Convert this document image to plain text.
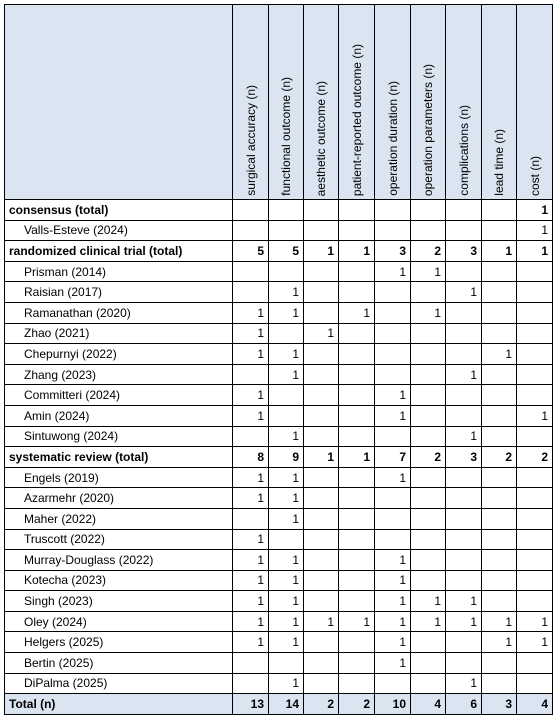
	surgical accuracy (n)	functional outcome (n)	aesthetic outcome (n)	patient-reported outcome (n)	operation duration (n)	operation parameters (n)	complications (n)	lead time (n)	cost (n)
consensus (total)									1
Valls-Esteve (2024)									1
randomized clinical trial (total)	5	5	1	1	3	2	3	1	1
Prisman (2014)					1	1			
Raisian (2017)		1					1		
Ramanathan (2020)	1	1		1		1			
Zhao (2021)	1		1						
Chepurnyi (2022)	1	1						1	
Zhang (2023)		1					1		
Committeri (2024)	1				1				
Amin (2024)	1				1				1
Sintuwong (2024)		1					1		
systematic review (total)	8	9	1	1	7	2	3	2	2
Engels (2019)	1	1			1				
Azarmehr (2020)	1	1							
Maher (2022)		1							
Truscott (2022)	1								
Murray-Douglass (2022)	1	1			1				
Kotecha (2023)	1	1			1				
Singh (2023)	1	1			1	1	1		
Oley (2024)	1	1	1	1	1	1	1	1	1
Helgers (2025)	1	1			1			1	1
Bertin (2025)					1				
DiPalma (2025)		1					1		
Total (n)	13	14	2	2	10	4	6	3	4
